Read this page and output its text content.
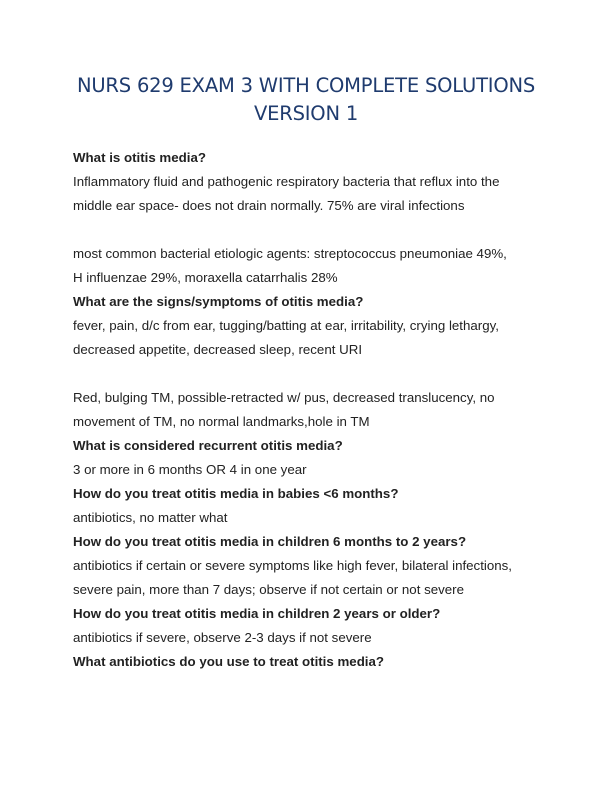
NURS 629 EXAM 3 WITH COMPLETE SOLUTIONS
VERSION 1
What is otitis media?
Inflammatory fluid and pathogenic respiratory bacteria that reflux into the
middle ear space- does not drain normally. 75% are viral infections
most common bacterial etiologic agents: streptococcus pneumoniae 49%,
H influenzae 29%, moraxella catarrhalis 28%
What are the signs/symptoms of otitis media?
fever, pain, d/c from ear, tugging/batting at ear, irritability, crying lethargy,
decreased appetite, decreased sleep, recent URI
Red, bulging TM, possible-retracted w/ pus, decreased translucency, no
movement of TM, no normal landmarks,hole in TM
What is considered recurrent otitis media?
3 or more in 6 months OR 4 in one year
How do you treat otitis media in babies <6 months?
antibiotics, no matter what
How do you treat otitis media in children 6 months to 2 years?
antibiotics if certain or severe symptoms like high fever, bilateral infections,
severe pain, more than 7 days; observe if not certain or not severe
How do you treat otitis media in children 2 years or older?
antibiotics if severe, observe 2-3 days if not severe
What antibiotics do you use to treat otitis media?
